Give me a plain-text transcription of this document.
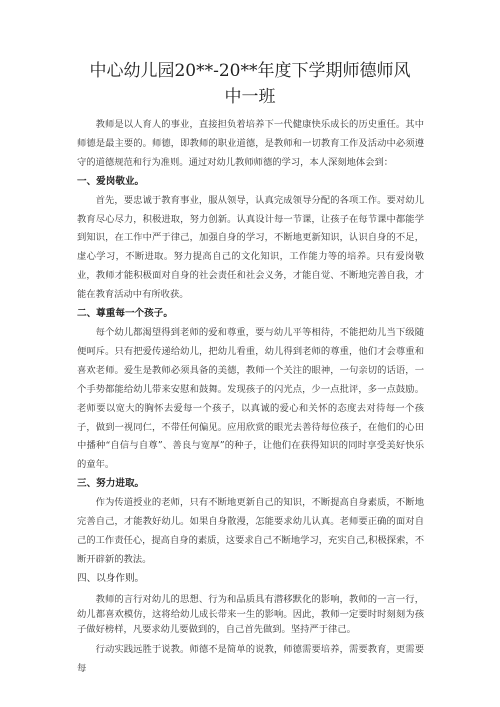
中心幼儿园20**-20**年度下学期师德师风
中一班

教师是以人育人的事业，直接担负着培养下一代健康快乐成长的历史重任。其中师德是最主要的。师德，即教师的职业道德，是教师和一切教育工作及活动中必须遵守的道德规范和行为准则。通过对幼儿教师师德的学习，本人深刻地体会到：

一、爱岗敬业。

首先，要忠诚于教育事业，服从领导，认真完成领导分配的各项工作。要对幼儿教育尽心尽力，积极进取，努力创新。认真设计每一节课，让孩子在每节课中都能学到知识，在工作中严于律己，加强自身的学习，不断地更新知识，认识自身的不足，虚心学习，不断进取。努力提高自己的文化知识，工作能力等的培养。只有爱岗敬业，教师才能积极面对自身的社会责任和社会义务，才能自觉、不断地完善自我，才能在教育活动中有所收获。

二、尊重每一个孩子。

每个幼儿都渴望得到老师的爱和尊重，要与幼儿平等相待，不能把幼儿当下级随便呵斥。只有把爱传递给幼儿，把幼儿看重，幼儿得到老师的尊重，他们才会尊重和喜欢老师。爱生是教师必须具备的美德，教师一个关注的眼神，一句亲切的话语，一个手势都能给幼儿带来安慰和鼓舞。发现孩子的闪光点，少一点批评，多一点鼓励。老师要以宽大的胸怀去爱每一个孩子，以真诚的爱心和关怀的态度去对待每一个孩子，做到一视同仁，不带任何偏见。应用欣赏的眼光去善待每位孩子，在他们的心田中播种“自信与自尊”、善良与宽厚”的种子，让他们在获得知识的同时享受美好快乐的童年。

三、努力进取。

作为传道授业的老师，只有不断地更新自己的知识，不断提高自身素质，不断地完善自己，才能教好幼儿。如果自身散漫，怎能要求幼儿认真。老师要正确的面对自己的工作责任心，提高自身的素质，这要求自己不断地学习，充实自己,积极探索，不断开辟新的教法。

四、以身作则。

教师的言行对幼儿的思想、行为和品质具有潜移默化的影响，教师的一言一行，幼儿都喜欢模仿，这将给幼儿成长带来一生的影响。因此，教师一定要时时刻刻为孩子做好榜样，凡要求幼儿要做到的，自己首先做到。坚持严于律己。

行动实践远胜于说教。师德不是简单的说教，师德需要培养，需要教育，更需要每
